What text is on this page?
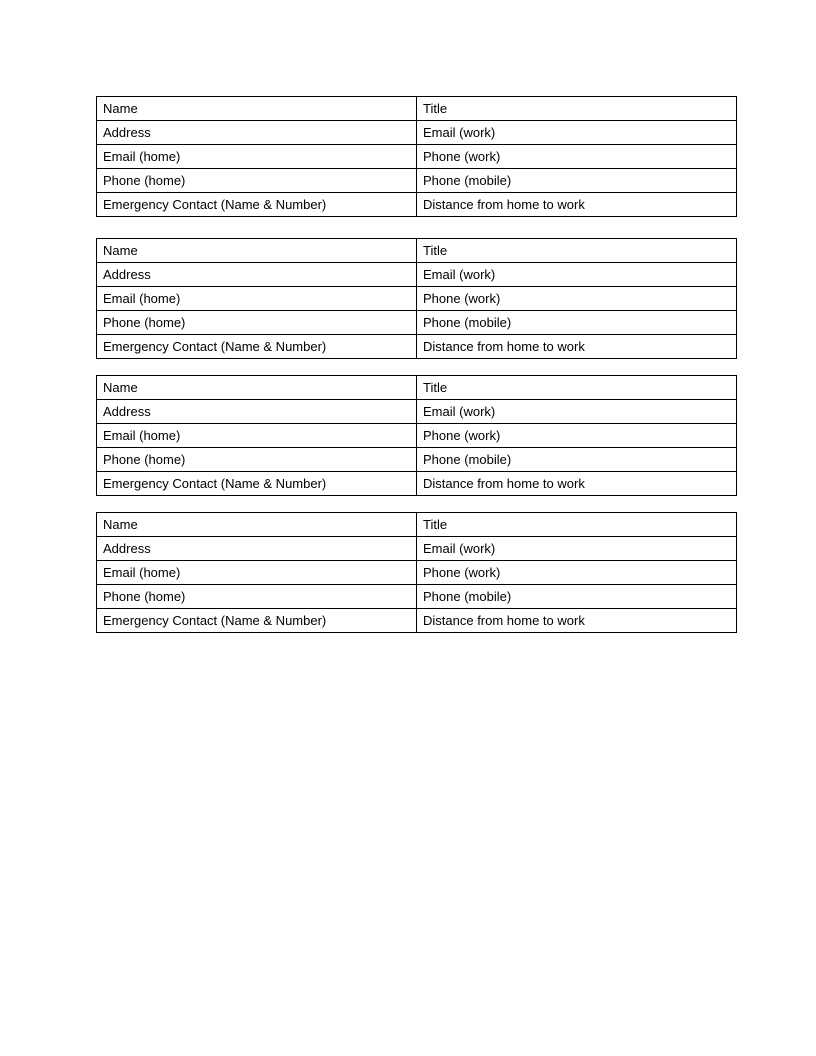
Name	Title
Address	Email (work)
Email (home)	Phone (work)
Phone (home)	Phone (mobile)
Emergency Contact (Name & Number)	Distance from home to work
Name	Title
Address	Email (work)
Email (home)	Phone (work)
Phone (home)	Phone (mobile)
Emergency Contact (Name & Number)	Distance from home to work
Name	Title
Address	Email (work)
Email (home)	Phone (work)
Phone (home)	Phone (mobile)
Emergency Contact (Name & Number)	Distance from home to work
Name	Title
Address	Email (work)
Email (home)	Phone (work)
Phone (home)	Phone (mobile)
Emergency Contact (Name & Number)	Distance from home to work
